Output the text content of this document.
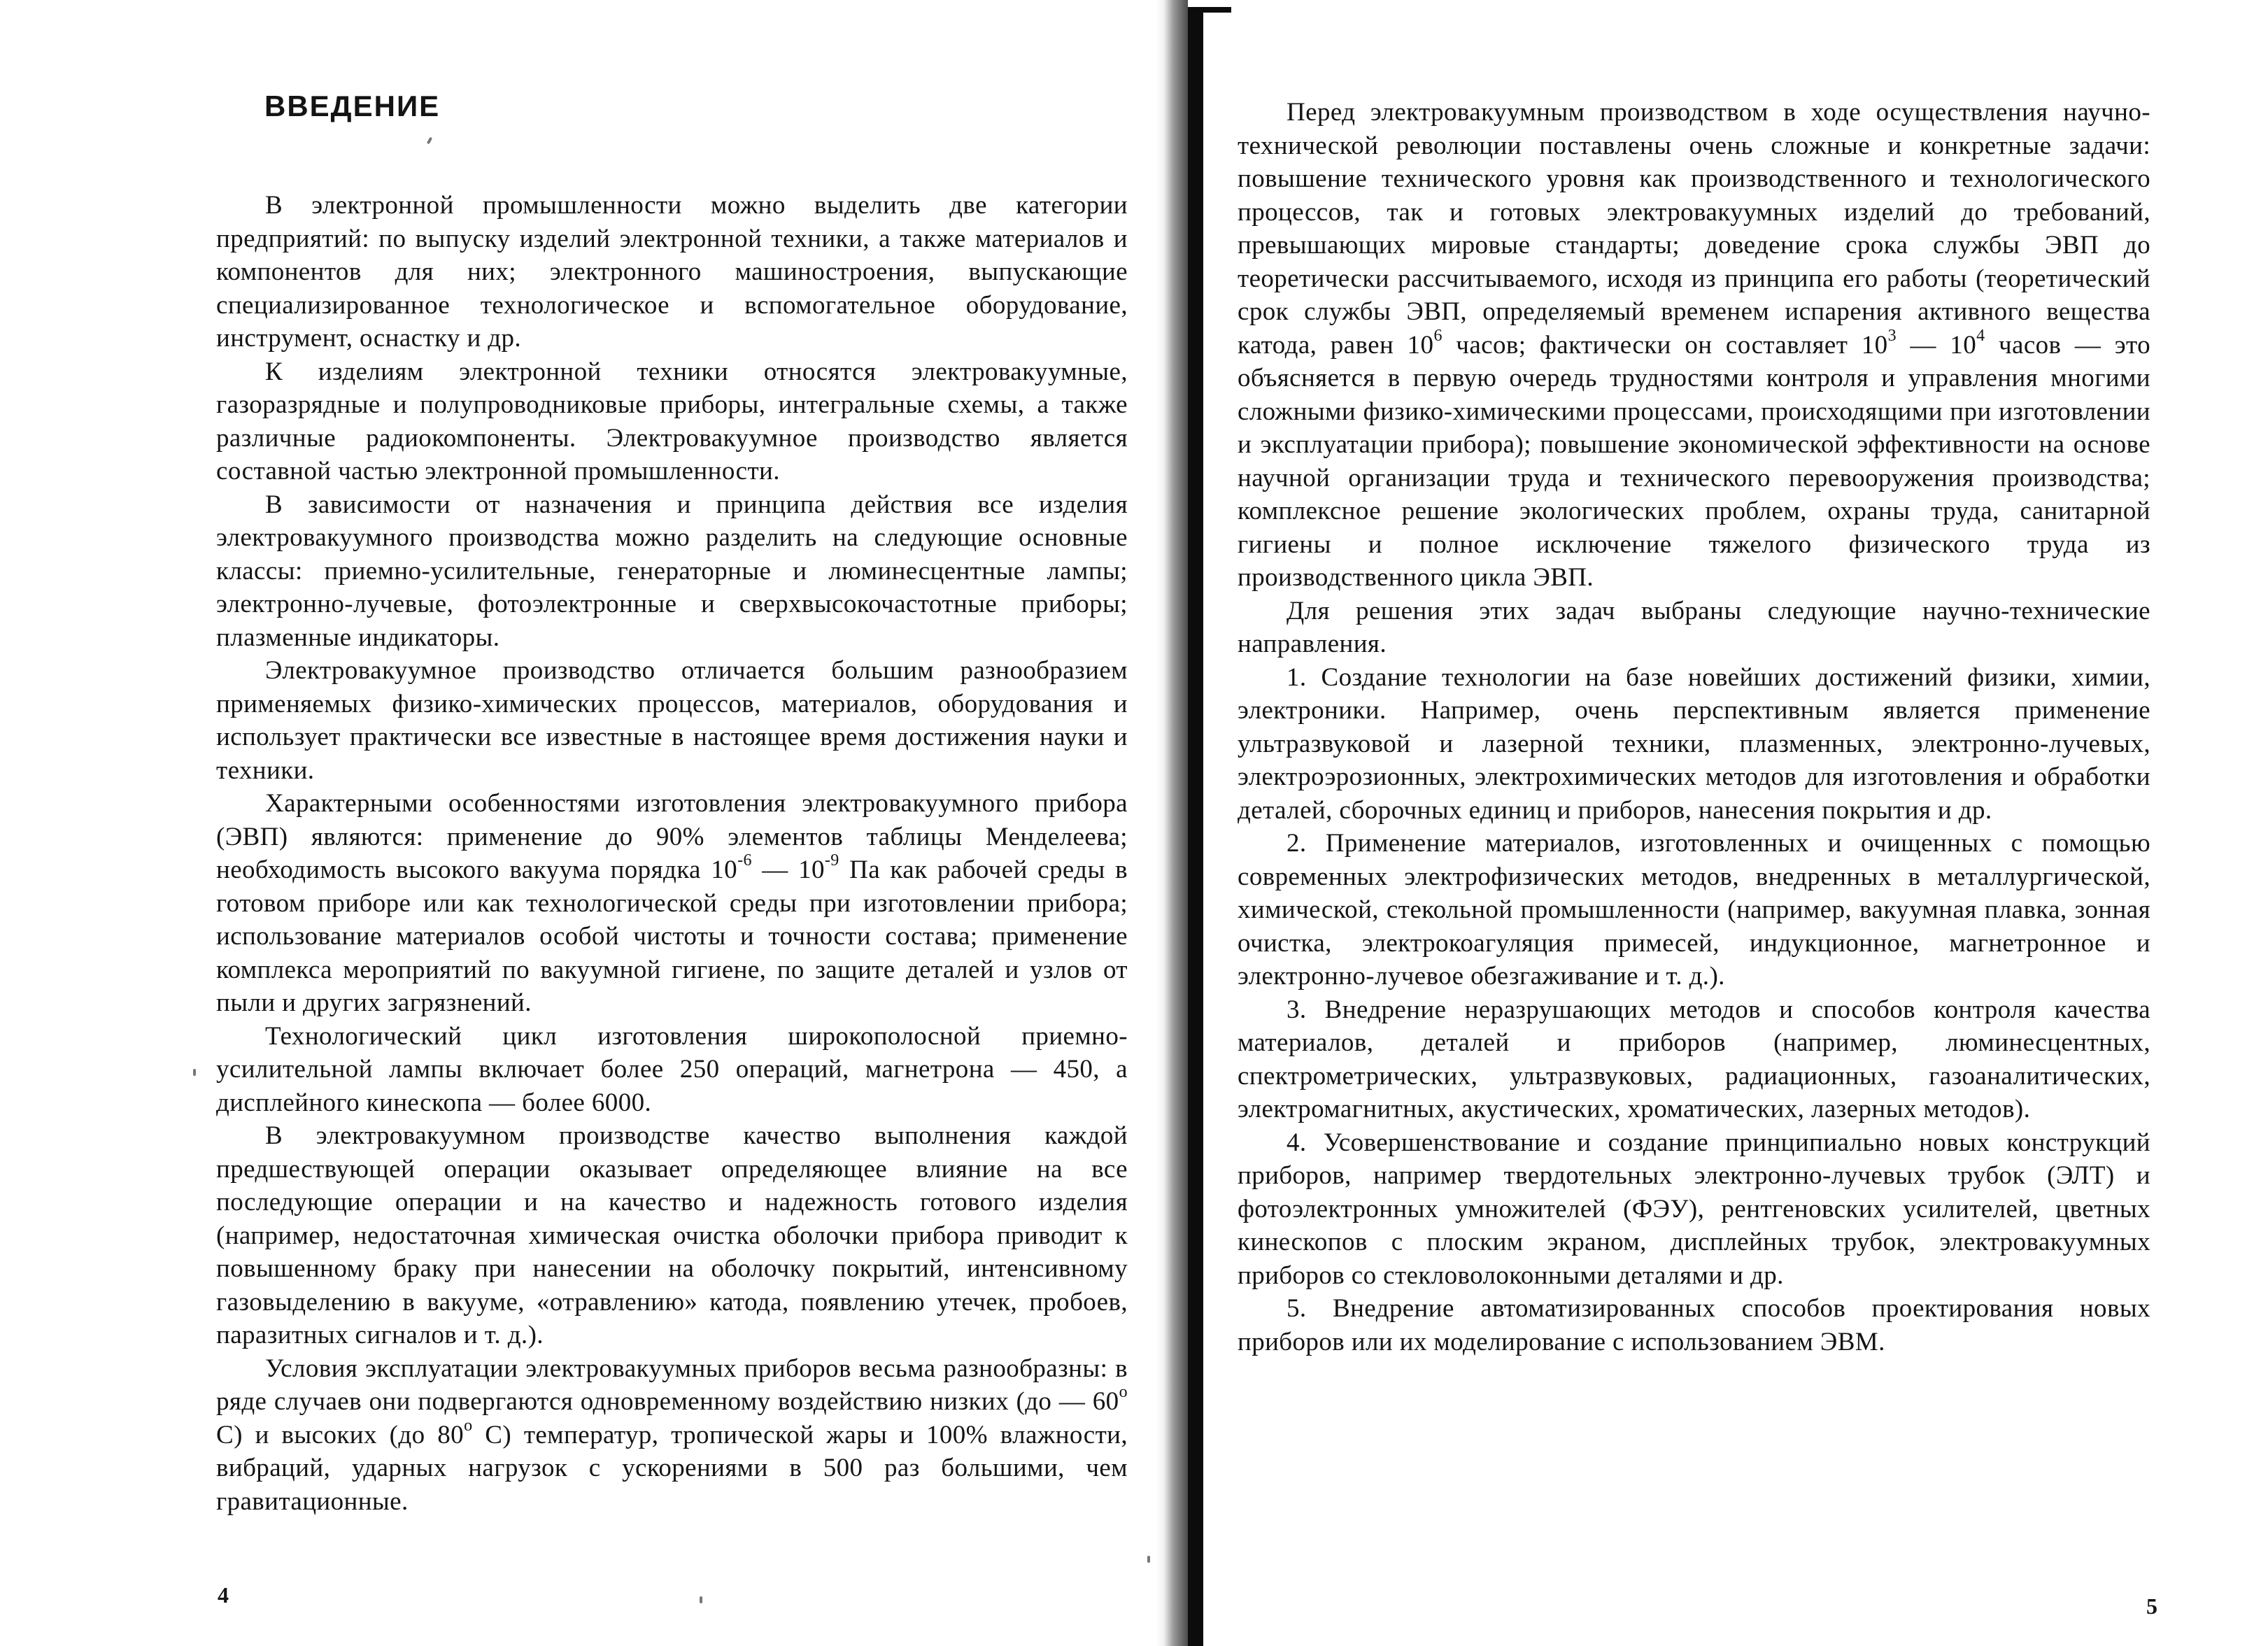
ВВЕДЕНИЕ

В электронной промышленности можно выделить две категории предприятий: по выпуску изделий электронной техники, а также материалов и компонентов для них; электронного машиностроения, выпускающие специализированное технологическое и вспомогательное оборудование, инструмент, оснастку и др.

К изделиям электронной техники относятся электровакуумные, газоразрядные и полупроводниковые приборы, интегральные схемы, а также различные радиокомпоненты. Электровакуумное производство является составной частью электронной промышленности.

В зависимости от назначения и принципа действия все изделия электровакуумного производства можно разделить на следующие основные классы: приемно-усилительные, генераторные и люминесцентные лампы; электронно-лучевые, фотоэлектронные и сверхвысокочастотные приборы; плазменные индикаторы.

Электровакуумное производство отличается большим разнообразием применяемых физико-химических процессов, материалов, оборудования и использует практически все известные в настоящее время достижения науки и техники.

Характерными особенностями изготовления электровакуумного прибора (ЭВП) являются: применение до 90% элементов таблицы Менделеева; необходимость высокого вакуума порядка $10^{-6}$ — $10^{-9}$ Па как рабочей среды в готовом приборе или как технологической среды при изготовлении прибора; использование материалов особой чистоты и точности состава; применение комплекса мероприятий по вакуумной гигиене, по защите деталей и узлов от пыли и других загрязнений.

Технологический цикл изготовления широкополосной приемно-усилительной лампы включает более 250 операций, магнетрона — 450, а дисплейного кинескопа — более 6000.

В электровакуумном производстве качество выполнения каждой предшествующей операции оказывает определяющее влияние на все последующие операции и на качество и надежность готового изделия (например, недостаточная химическая очистка оболочки прибора приводит к повышенному браку при нанесении на оболочку покрытий, интенсивному газовыделению в вакууме, «отравлению» катода, появлению утечек, пробоев, паразитных сигналов и т. д.).

Условия эксплуатации электровакуумных приборов весьма разнообразны: в ряде случаев они подвергаются одновременному воздействию низких (до — $60^о$ С) и высоких (до $80^о$ С) температур, тропической жары и 100% влажности, вибраций, ударных нагрузок с ускорениями в 500 раз большими, чем гравитационные.

4

Перед электровакуумным производством в ходе осуществления научно-технической революции поставлены очень сложные и конкретные задачи: повышение технического уровня как производственного и технологического процессов, так и готовых электровакуумных изделий до требований, превышающих мировые стандарты; доведение срока службы ЭВП до теоретически рассчитываемого, исходя из принципа его работы (теоретический срок службы ЭВП, определяемый временем испарения активного вещества катода, равен $10^6$ часов; фактически он составляет $10^3$ — $10^4$ часов — это объясняется в первую очередь трудностями контроля и управления многими сложными физико-химическими процессами, происходящими при изготовлении и эксплуатации прибора); повышение экономической эффективности на основе научной организации труда и технического перевооружения производства; комплексное решение экологических проблем, охраны труда, санитарной гигиены и полное исключение тяжелого физического труда из производственного цикла ЭВП.

Для решения этих задач выбраны следующие научно-технические направления.

1. Создание технологии на базе новейших достижений физики, химии, электроники. Например, очень перспективным является применение ультразвуковой и лазерной техники, плазменных, электронно-лучевых, электроэрозионных, электрохимических методов для изготовления и обработки деталей, сборочных единиц и приборов, нанесения покрытия и др.

2. Применение материалов, изготовленных и очищенных с помощью современных электрофизических методов, внедренных в металлургической, химической, стекольной промышленности (например, вакуумная плавка, зонная очистка, электрокоагуляция примесей, индукционное, магнетронное и электронно-лучевое обезгаживание и т. д.).

3. Внедрение неразрушающих методов и способов контроля качества материалов, деталей и приборов (например, люминесцентных, спектрометрических, ультразвуковых, радиационных, газоаналитических, электромагнитных, акустических, хроматических, лазерных методов).

4. Усовершенствование и создание принципиально новых конструкций приборов, например твердотельных электронно-лучевых трубок (ЭЛТ) и фотоэлектронных умножителей (ФЭУ), рентгеновских усилителей, цветных кинескопов с плоским экраном, дисплейных трубок, электровакуумных приборов со стекловолоконными деталями и др.

5. Внедрение автоматизированных способов проектирования новых приборов или их моделирование с использованием ЭВМ.

5
